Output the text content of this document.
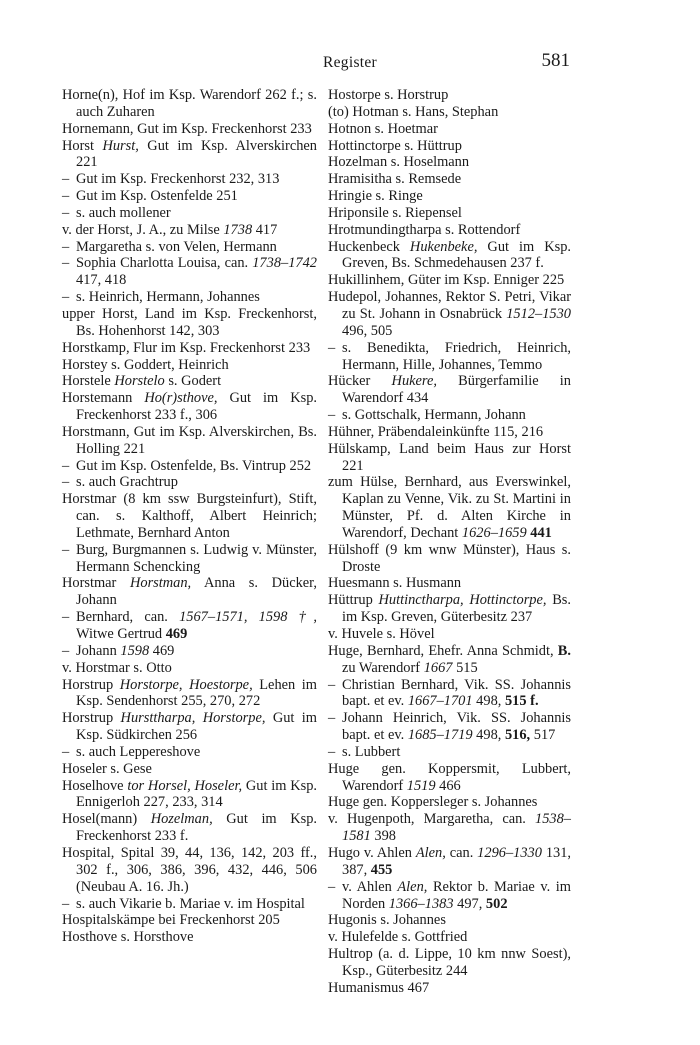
Register	581

Horne(n), Hof im Ksp. Warendorf 262 f.; s. auch Zuharen

Hornemann, Gut im Ksp. Freckenhorst 233

Horst Hurst, Gut im Ksp. Alverskirchen 221

– Gut im Ksp. Freckenhorst 232, 313

– Gut im Ksp. Ostenfelde 251

– s. auch mollener

v. der Horst, J. A., zu Milse 1738 417

– Margaretha s. von Velen, Hermann

– Sophia Charlotta Louisa, can. 1738–1742 417, 418

– s. Heinrich, Hermann, Johannes

upper Horst, Land im Ksp. Freckenhorst, Bs. Hohenhorst 142, 303

Horstkamp, Flur im Ksp. Freckenhorst 233

Horstey s. Goddert, Heinrich

Horstele Horstelo s. Godert

Horstemann Ho(r)sthove, Gut im Ksp. Freckenhorst 233 f., 306

Horstmann, Gut im Ksp. Alverskirchen, Bs. Holling 221

– Gut im Ksp. Ostenfelde, Bs. Vintrup 252

– s. auch Grachtrup

Horstmar (8 km ssw Burgsteinfurt), Stift, can. s. Kalthoff, Albert Heinrich; Lethmate, Bernhard Anton

– Burg, Burgmannen s. Ludwig v. Münster, Hermann Schencking

Horstmar Horstman, Anna s. Dücker, Johann

– Bernhard, can. 1567–1571, 1598 †, Witwe Gertrud 469

– Johann 1598 469

v. Horstmar s. Otto

Horstrup Horstorpe, Hoestorpe, Lehen im Ksp. Sendenhorst 255, 270, 272

Horstrup Hursttharpa, Horstorpe, Gut im Ksp. Südkirchen 256

– s. auch Leppereshove

Hoseler s. Gese

Hoselhove tor Horsel, Hoseler, Gut im Ksp. Ennigerloh 227, 233, 314

Hosel(mann) Hozelman, Gut im Ksp. Freckenhorst 233 f.

Hospital, Spital 39, 44, 136, 142, 203 ff., 302 f., 306, 386, 396, 432, 446, 506 (Neubau A. 16. Jh.)

– s. auch Vikarie b. Mariae v. im Hospital

Hospitalskämpe bei Freckenhorst 205

Hosthove s. Horsthove

Hostorpe s. Horstrup

(to) Hotman s. Hans, Stephan

Hotnon s. Hoetmar

Hottinctorpe s. Hüttrup

Hozelman s. Hoselmann

Hramisitha s. Remsede

Hringie s. Ringe

Hriponsile s. Riepensel

Hrotmundingtharpa s. Rottendorf

Huckenbeck Hukenbeke, Gut im Ksp. Greven, Bs. Schmedehausen 237 f.

Hukillinhem, Güter im Ksp. Enniger 225

Hudepol, Johannes, Rektor S. Petri, Vikar zu St. Johann in Osnabrück 1512–1530 496, 505

– s. Benedikta, Friedrich, Heinrich, Hermann, Hille, Johannes, Temmo

Hücker Hukere, Bürgerfamilie in Warendorf 434

– s. Gottschalk, Hermann, Johann

Hühner, Präbendaleinkünfte 115, 216

Hülskamp, Land beim Haus zur Horst 221

zum Hülse, Bernhard, aus Everswinkel, Kaplan zu Venne, Vik. zu St. Martini in Münster, Pf. d. Alten Kirche in Warendorf, Dechant 1626–1659 441

Hülshoff (9 km wnw Münster), Haus s. Droste

Huesmann s. Husmann

Hüttrup Huttinctharpa, Hottinctorpe, Bs. im Ksp. Greven, Güterbesitz 237

v. Huvele s. Hövel

Huge, Bernhard, Ehefr. Anna Schmidt, B. zu Warendorf 1667 515

– Christian Bernhard, Vik. SS. Johannis bapt. et ev. 1667–1701 498, 515 f.

– Johann Heinrich, Vik. SS. Johannis bapt. et ev. 1685–1719 498, 516, 517

– s. Lubbert

Huge gen. Koppersmit, Lubbert, Warendorf 1519 466

Huge gen. Koppersleger s. Johannes

v. Hugenpoth, Margaretha, can. 1538–1581 398

Hugo v. Ahlen Alen, can. 1296–1330 131, 387, 455

– v. Ahlen Alen, Rektor b. Mariae v. im Norden 1366–1383 497, 502

Hugonis s. Johannes

v. Hulefelde s. Gottfried

Hultrop (a. d. Lippe, 10 km nnw Soest), Ksp., Güterbesitz 244

Humanismus 467
